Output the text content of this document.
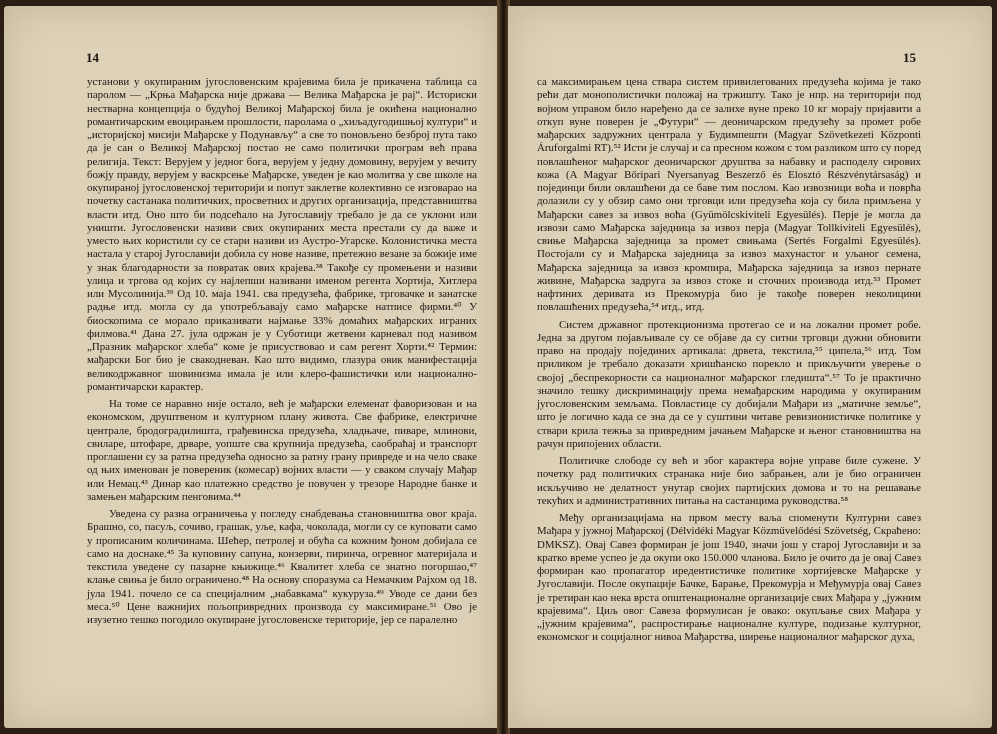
14

установи у окупираним југословенским крајевима била је прикачена таблица са паролом — „Крња Мађарска није држава — Велика Мађарска је рај“. Историски нестварна концепција о будућој Великој Мађарској била је окићена национално романтичарским евоцирањем прошлости, паролама о „хиљадугодишњој култури“ и „историјској мисији Мађарске у Подунављу“ а све то поновљено безброј пута тако да је сан о Великој Мађарској постао не само политички програм већ права религија. Текст: Верујем у једног бога, верујем у једну домовину, верујем у вечиту божју правду, верујем у васкрсење Мађарске, уведен је као молитва у све школе на окупираној југословенској територији и попут заклетве колективно се изговарао на почетку састанака политичких, просветних и других организација, представништва власти итд. Оно што би подсећало на Југославију требало је да се уклони или уништи. Југословенски називи свих окупираних места престали су да важе и уместо њих користили су се стари називи из Аустро-Угарске. Колонистичка места настала у старој Југославији добила су нове називе, претежно везане за божије име у знак благодарности за повратак ових крајева.³⁸ Такође су промењени и називи улица и тргова од којих су најлепши називани именом регента Хортија, Хитлера или Мусолинија.³⁹ Од 10. маја 1941. сва предузећа, фабрике, трговачке и занатске радње итд. могла су да употребљавају само мађарске натписе фирми.⁴⁰ У биоскопима се морало приказивати најмање 33% домаћих мађарских играних филмова.⁴¹ Дана 27. јула одржан је у Суботици жетвени карневал под називом „Празник мађарског хлеба“ коме је присуствовао и сам регент Хорти.⁴² Термин: мађарски Бог био је свакодневан. Као што видимо, глазура овик манифестација великодржавног шовинизма имала је или клеро-фашистички или национално-романтичарски карактер.

На томе се наравно није остало, већ је мађарски елеменат фаворизован и на економском, друштвеном и културном плану живота. Све фабрике, електричне централе, бродоградилишта, грађевинска предузећа, хладњаче, пиваре, млинови, свиларе, штофаре, дрваре, уопште сва крупнија предузећа, саобраћај и транспорт проглашени су за ратна предузећа односно за ратну грану привреде и на чело сваке од њих именован је повереник (комесар) војних власти — у сваком случају Мађар или Немац.⁴³ Динар као платежно средство је повучен у трезоре Народне банке и замењен мађарским пенговима.⁴⁴

Уведена су разна ограничења у погледу снабдевања становништва овог краја. Брашно, со, пасуљ, сочиво, грашак, уље, кафа, чоколада, могли су се куповати само у прописаним количинама. Шећер, петролеј и обућа са кожним ђоном добијала се само на доснаке.⁴⁵ За куповину сапуна, конзерви, пиринча, огревног материјала и текстила уведене су пазарне књижице.⁴⁶ Квалитет хлеба се знатно погоршао,⁴⁷ клање свиња је било ограничено.⁴⁸ На основу споразума са Немачким Рајхом од 18. јула 1941. почело се са специјалним „набавкама“ кукуруза.⁴⁹ Уводе се дани без меса.⁵⁰ Цене важнијих пољопривредних производа су максимиране.⁵¹ Ово је изузетно тешко погодило окупиране југословенске територије, јер се паралелно

15

са максимирањем цена ствара систем привилегованих предузећа којима је тако рећи дат монополистички положај на тржишту. Тако је нпр. на територији под војном управом било наређено да се залихе вуне преко 10 кг морају пријавити а откуп вуне поверен је „Футури“ — деоничарском предузећу за промет робе мађарских задружних централа у Будимпешти (Magyar Szövetkezeti Központi Áruforgalmi RT).⁵² Исти је случај и са пресном кожом с том разликом што су поред повлашћеног мађарског деоничарског друштва за набавку и расподелу сирових кожа (A Magyar Bőripari Nyersanyag Beszerző és Elosztó Részvénytársaság) и појединци били овлашћени да се баве тим послом. Као извозници воћа и поврћа долазили су у обзир само они трговци или предузећа која су била примљена у Мађарски савез за извоз воћа (Gyümölcskiviteli Egyesülés). Перје је могла да извози само Мађарска заједница за извоз перја (Magyar Tollkiviteli Egyesülés), свиње Мађарска заједница за промет свињама (Sertés Forgalmi Egyesülés). Постојали су и Мађарска заједница за извоз махунастог и уљаног семена, Мађарска заједница за извоз кромпира, Мађарска заједница за извоз пернате живине, Мађарска задруга за извоз стоке и сточних производа итд.⁵³ Промет нафтиних деривата из Прекомурја био је такође поверен неколицини повлашћених предузећа,⁵⁴ итд., итд.

Систем државног протекционизма протегао се и на локални промет робе. Једна за другом појављивале су се објаве да су ситни трговци дужни обновити право на продају појединих артикала: дрвета, текстила,⁵⁵ ципела,⁵⁶ итд. Том приликом је требало доказати хришћанско порекло и прикључити уверење о својој „беспрекорности са националног мађарског гледишта“.⁵⁷ То је практично значило тешку дискриминацију према немађарским народима у окупираним југословенским земљама. Повластице су добијали Мађари из „матичне земље“, што је логично када се зна да се у суштини читаве ревизионистичке политике у ствари крила тежња за привредним јачањем Мађарске и њеног становништва на рачун припојених области.

Политичке слободе су већ и због карактера војне управе биле сужене. У почетку рад политичких странака није био забрањен, али је био ограничен искључиво не делатност унутар својих партијских домова и то на решавање текућих и административних питања на састанцима руководства.⁵⁸

Међу организацијама на првом месту ваља споменути Културни савез Мађара у јужној Мађарској (Délvidéki Magyar Közművelődési Szövetség, Скраћено: DMKSZ). Овај Савез формиран је још 1940, значи још у старој Југославији и за кратко време успео је да окупи око 150.000 чланова. Било је очито да је овај Савез формиран као пропагатор иредентистичке политике хортијевске Мађарске у Југославији. После окупације Бачке, Барање, Прекомурја и Међумурја овај Савез је третиран као нека врста општенационалне организације свих Мађара у „јужним крајевима“. Циљ овог Савеза формулисан је овако: окупљање свих Мађара у „јужним крајевима“, распростирање националне културе, подизање културног, економског и социјалног нивоа Мађарства, ширење националног мађарског духа,
